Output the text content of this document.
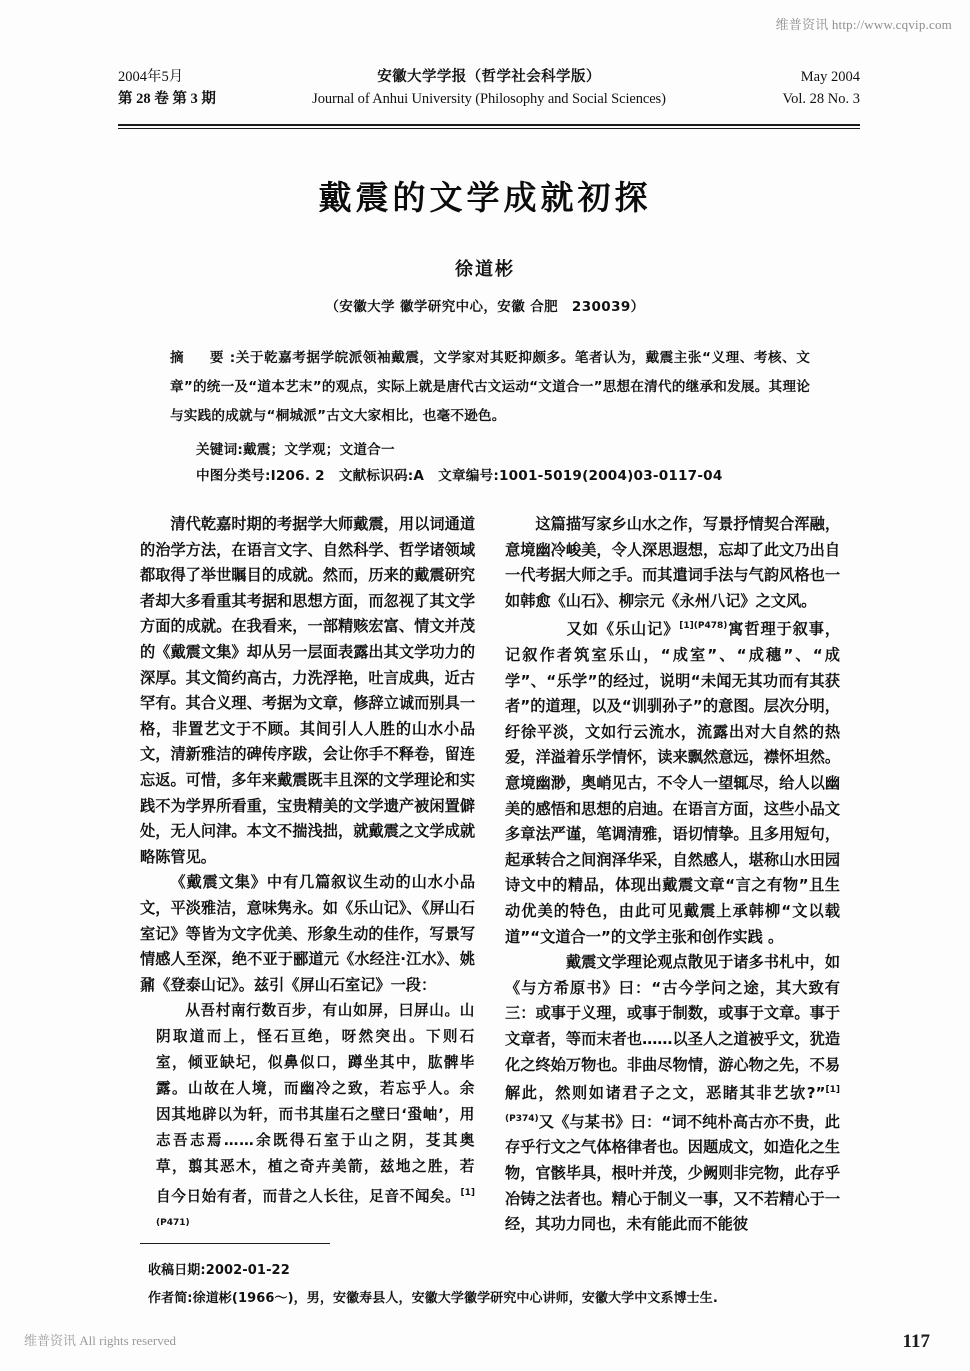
维普资讯 http://www.cqvip.com
2004年5月
第 28 卷 第 3 期
安徽大学学报（哲学社会科学版）
Journal of Anhui University (Philosophy and Social Sciences)
May 2004
Vol. 28 No. 3
戴震的文学成就初探
徐道彬
（安徽大学 徽学研究中心，安徽 合肥　230039）
摘　要:关于乾嘉考据学皖派领袖戴震，文学家对其贬抑颇多。笔者认为，戴震主张“义理、考核、文章”的统一及“道本艺末”的观点，实际上就是唐代古文运动“文道合一”思想在清代的继承和发展。其理论与实践的成就与“桐城派”古文大家相比，也毫不逊色。
关键词:戴震；文学观；文道合一
中图分类号:I206. 2 文献标识码:A 文章编号:1001-5019(2004)03-0117-04

清代乾嘉时期的考据学大师戴震，用以词通道的治学方法，在语言文字、自然科学、哲学诸领域都取得了举世瞩目的成就。然而，历来的戴震研究者却大多看重其考据和思想方面，而忽视了其文学方面的成就。在我看来，一部精赅宏富、情文并茂的《戴震文集》却从另一层面表露出其文学功力的深厚。其文简约高古，力洗浮艳，吐言成典，近古罕有。其合义理、考据为文章，修辞立诚而别具一格，非置艺文于不顾。其间引人人胜的山水小品文，清新雅洁的碑传序跋，会让你手不释卷，留连忘返。可惜，多年来戴震既丰且深的文学理论和实践不为学界所看重，宝贵精美的文学遗产被闲置僻处，无人问津。本文不揣浅拙，就戴震之文学成就略陈管见。

《戴震文集》中有几篇叙议生动的山水小品文，平淡雅洁，意味隽永。如《乐山记》、《屏山石室记》等皆为文字优美、形象生动的佳作，写景写情感人至深，绝不亚于郦道元《水经注·江水》、姚鼐《登泰山记》。兹引《屏山石室记》一段：

从吾村南行数百步，有山如屏，曰屏山。山阴取道而上，怪石亘绝，呀然突出。下则石室，倾亚缺圮，似鼻似口，蹲坐其中，肱髀毕露。山故在人境，而幽冷之致，若忘乎人。余因其地辟以为轩，而书其崖石之壁曰‘蛩岫’，用志吾志焉……余既得石室于山之阴，芟其奥草，翦其恶木，植之奇卉美箭，兹地之胜，若自今日始有者，而昔之人长往，足音不闻矣。$^{[1](P471)}$

这篇描写家乡山水之作，写景抒情契合浑融，意境幽冷峻美，令人深思遐想，忘却了此文乃出自一代考据大师之手。而其遣词手法与气韵风格也一如韩愈《山石》、柳宗元《永州八记》之文风。

又如《乐山记》$^{[1](P478)}$寓哲理于叙事，记叙作者筑室乐山，“成室”、“成穗”、“成学”、“乐学”的经过，说明“未闻无其功而有其获者”的道理，以及“训驯孙子”的意图。层次分明，纡徐平淡，文如行云流水，流露出对大自然的热爱，洋溢着乐学情怀，读来飘然意远，襟怀坦然。意境幽渺，奥峭见古，不令人一望辄尽，给人以幽美的感悟和思想的启迪。在语言方面，这些小品文多章法严谨，笔调清雅，语切情挚。且多用短句，起承转合之间润泽华采，自然感人，堪称山水田园诗文中的精品，体现出戴震文章“言之有物”且生动优美的特色，由此可见戴震上承韩柳“文以载道”“文道合一”的文学主张和创作实践 。

戴震文学理论观点散见于诸多书札中，如《与方希原书》曰：“古今学问之途，其大致有三：或事于义理，或事于制数，或事于文章。事于文章者，等而末者也……以圣人之道被乎文，犹造化之终始万物也。非曲尽物情，游心物之先，不易解此，然则如诸君子之文，恶睹其非艺欤?”$^{[1](P374)}$又《与某书》曰：“词不纯朴高古亦不贵，此存乎行文之气体格律者也。因题成文，如造化之生物，官骸毕具，根叶并茂，少阙则非完物，此存乎冶铸之法者也。精心于制义一事，又不若精心于一经，其功力同也，未有能此而不能彼

收稿日期:2002-01-22
作者简:徐道彬(1966～)，男，安徽寿县人，安徽大学徽学研究中心讲师，安徽大学中文系博士生.
维普资讯 All rights reserved	117
